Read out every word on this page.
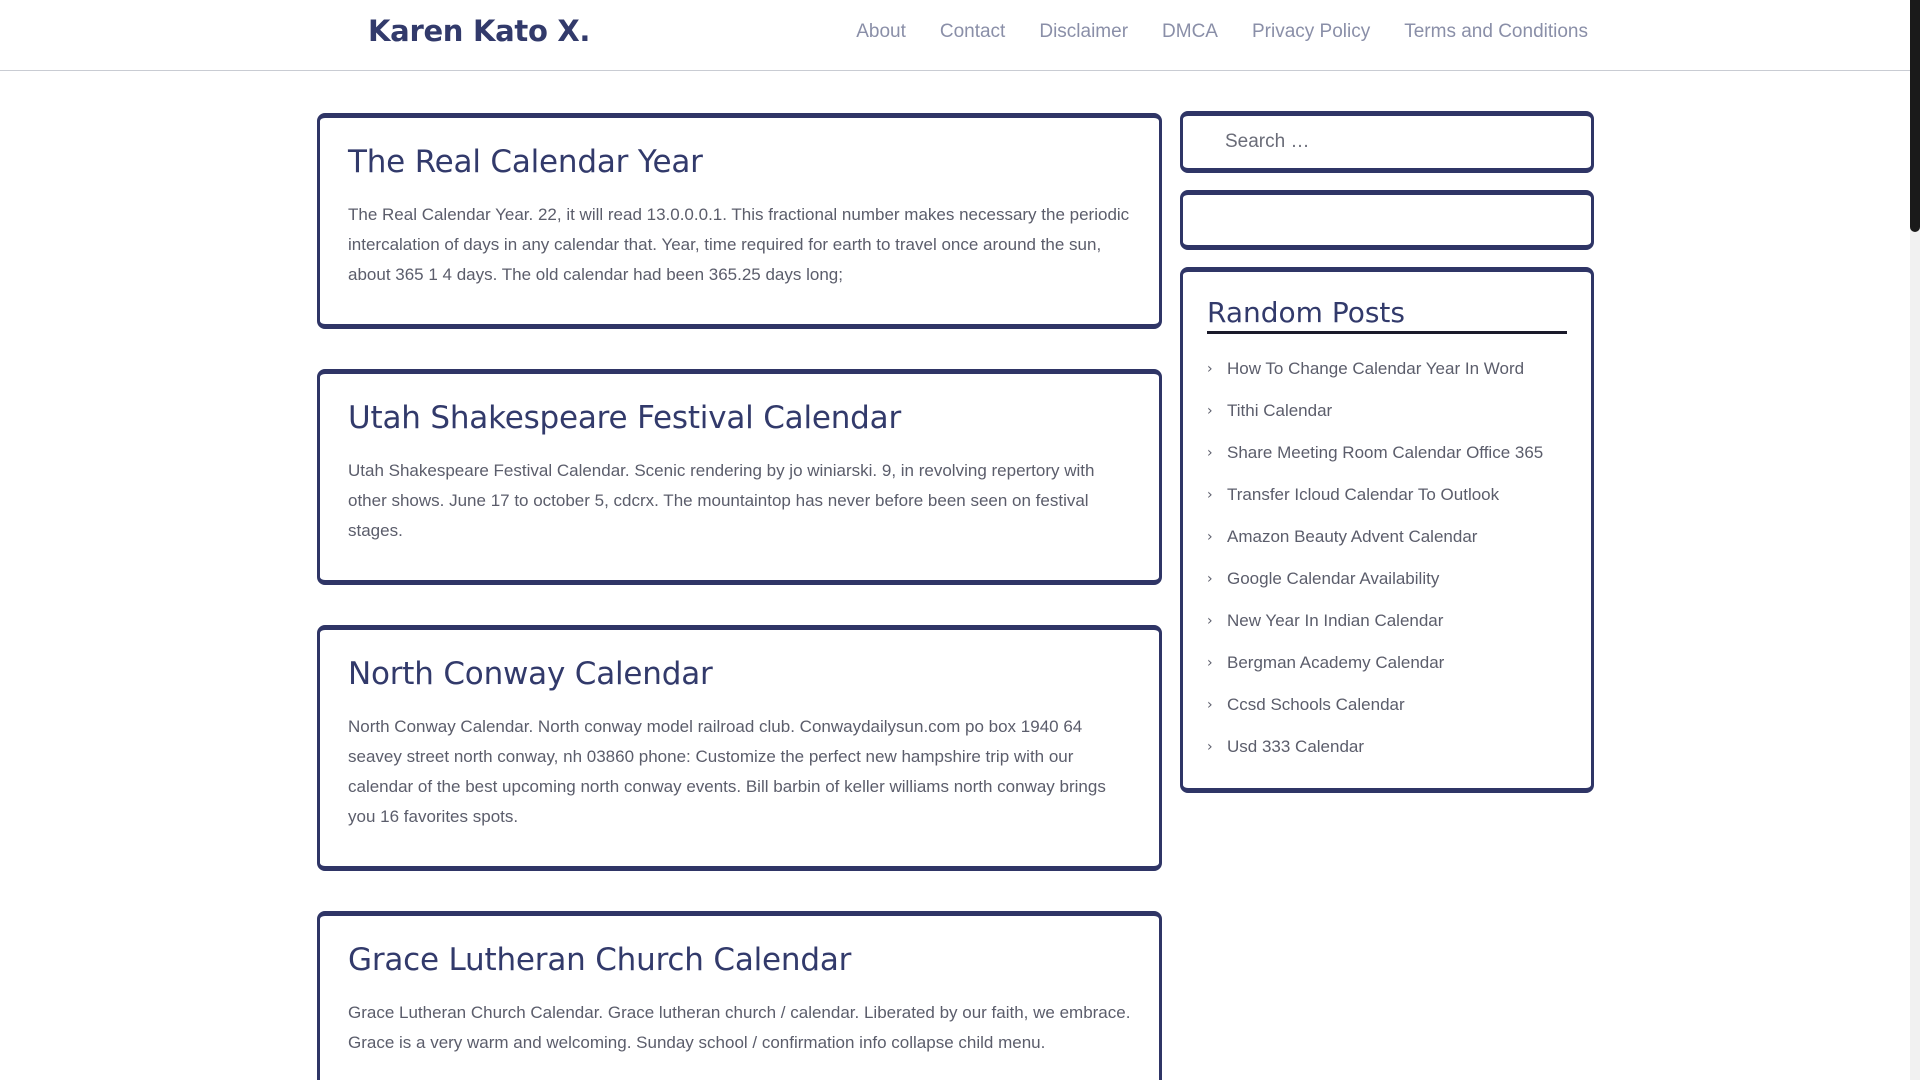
Karen Kato X.	About Contact Disclaimer DMCA Privacy Policy Terms and Conditions
The Real Calendar Year

The Real Calendar Year. 22, it will read 13.0.0.0.1. This fractional number makes necessary the periodic intercalation of days in any calendar that. Year, time required for earth to travel once around the sun, about 365 1 4 days. The old calendar had been 365.25 days long;

Utah Shakespeare Festival Calendar

Utah Shakespeare Festival Calendar. Scenic rendering by jo winiarski. 9, in revolving repertory with other shows. June 17 to october 5, cdcrx. The mountaintop has never before been seen on festival stages.

North Conway Calendar

North Conway Calendar. North conway model railroad club. Conwaydailysun.com po box 1940 64 seavey street north conway, nh 03860 phone: Customize the perfect new hampshire trip with our calendar of the best upcoming north conway events. Bill barbin of keller williams north conway brings you 16 favorites spots.

Grace Lutheran Church Calendar

Grace Lutheran Church Calendar. Grace lutheran church / calendar. Liberated by our faith, we embrace. Grace is a very warm and welcoming. Sunday school / confirmation info collapse child menu.

Search …
Random Posts
› How To Change Calendar Year In Word
› Tithi Calendar
› Share Meeting Room Calendar Office 365
› Transfer Icloud Calendar To Outlook
› Amazon Beauty Advent Calendar
› Google Calendar Availability
› New Year In Indian Calendar
› Bergman Academy Calendar
› Ccsd Schools Calendar
› Usd 333 Calendar
